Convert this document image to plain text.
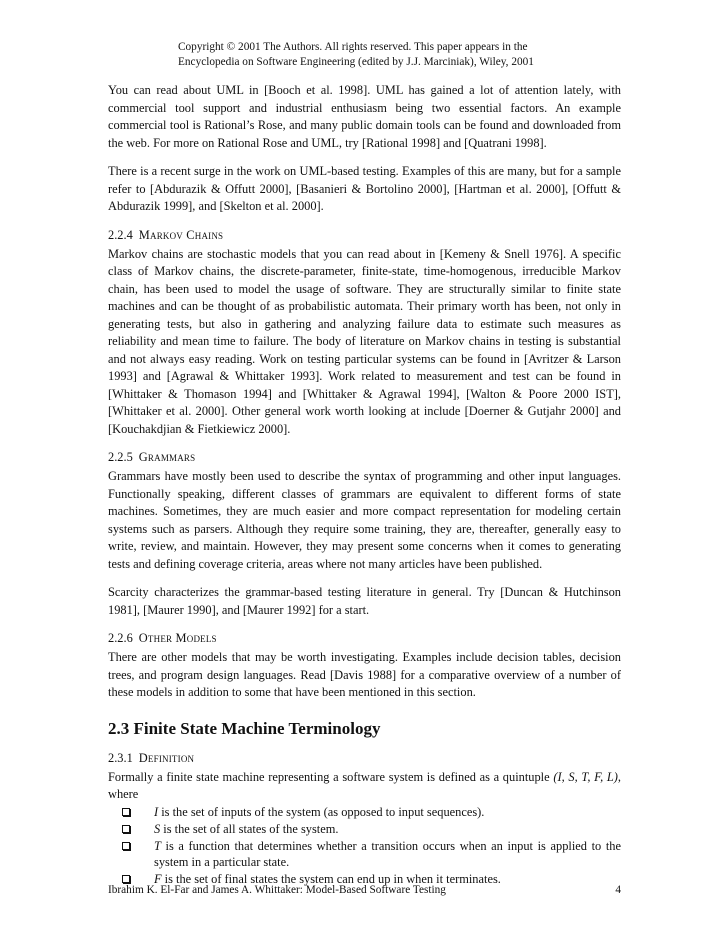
Copyright © 2001 The Authors. All rights reserved. This paper appears in the
Encyclopedia on Software Engineering (edited by J.J. Marciniak), Wiley, 2001

You can read about UML in [Booch et al. 1998]. UML has gained a lot of attention lately, with commercial tool support and industrial enthusiasm being two essential factors. An example commercial tool is Rational’s Rose, and many public domain tools can be found and downloaded from the web. For more on Rational Rose and UML, try [Rational 1998] and [Quatrani 1998].

There is a recent surge in the work on UML-based testing. Examples of this are many, but for a sample refer to [Abdurazik & Offutt 2000], [Basanieri & Bortolino 2000], [Hartman et al. 2000], [Offutt & Abdurazik 1999], and [Skelton et al. 2000].

2.2.4 Markov Chains

Markov chains are stochastic models that you can read about in [Kemeny & Snell 1976]. A specific class of Markov chains, the discrete-parameter, finite-state, time-homogenous, irreducible Markov chain, has been used to model the usage of software. They are structurally similar to finite state machines and can be thought of as probabilistic automata. Their primary worth has been, not only in generating tests, but also in gathering and analyzing failure data to estimate such measures as reliability and mean time to failure. The body of literature on Markov chains in testing is substantial and not always easy reading. Work on testing particular systems can be found in [Avritzer & Larson 1993] and [Agrawal & Whittaker 1993]. Work related to measurement and test can be found in [Whittaker & Thomason 1994] and [Whittaker & Agrawal 1994], [Walton & Poore 2000 IST], [Whittaker et al. 2000]. Other general work worth looking at include [Doerner & Gutjahr 2000] and [Kouchakdjian & Fietkiewicz 2000].

2.2.5 Grammars

Grammars have mostly been used to describe the syntax of programming and other input languages. Functionally speaking, different classes of grammars are equivalent to different forms of state machines. Sometimes, they are much easier and more compact representation for modeling certain systems such as parsers. Although they require some training, they are, thereafter, generally easy to write, review, and maintain. However, they may present some concerns when it comes to generating tests and defining coverage criteria, areas where not many articles have been published.

Scarcity characterizes the grammar-based testing literature in general. Try [Duncan & Hutchinson 1981], [Maurer 1990], and [Maurer 1992] for a start.

2.2.6 Other Models

There are other models that may be worth investigating. Examples include decision tables, decision trees, and program design languages. Read [Davis 1988] for a comparative overview of a number of these models in addition to some that have been mentioned in this section.

2.3 Finite State Machine Terminology
2.3.1 Definition

Formally a finite state machine representing a software system is defined as a quintuple (I, S, T, F, L), where

I is the set of inputs of the system (as opposed to input sequences).
S is the set of all states of the system.
T is a function that determines whether a transition occurs when an input is applied to the system in a particular state.
F is the set of final states the system can end up in when it terminates.
Ibrahim K. El-Far and James A. Whittaker: Model-Based Software Testing	4
